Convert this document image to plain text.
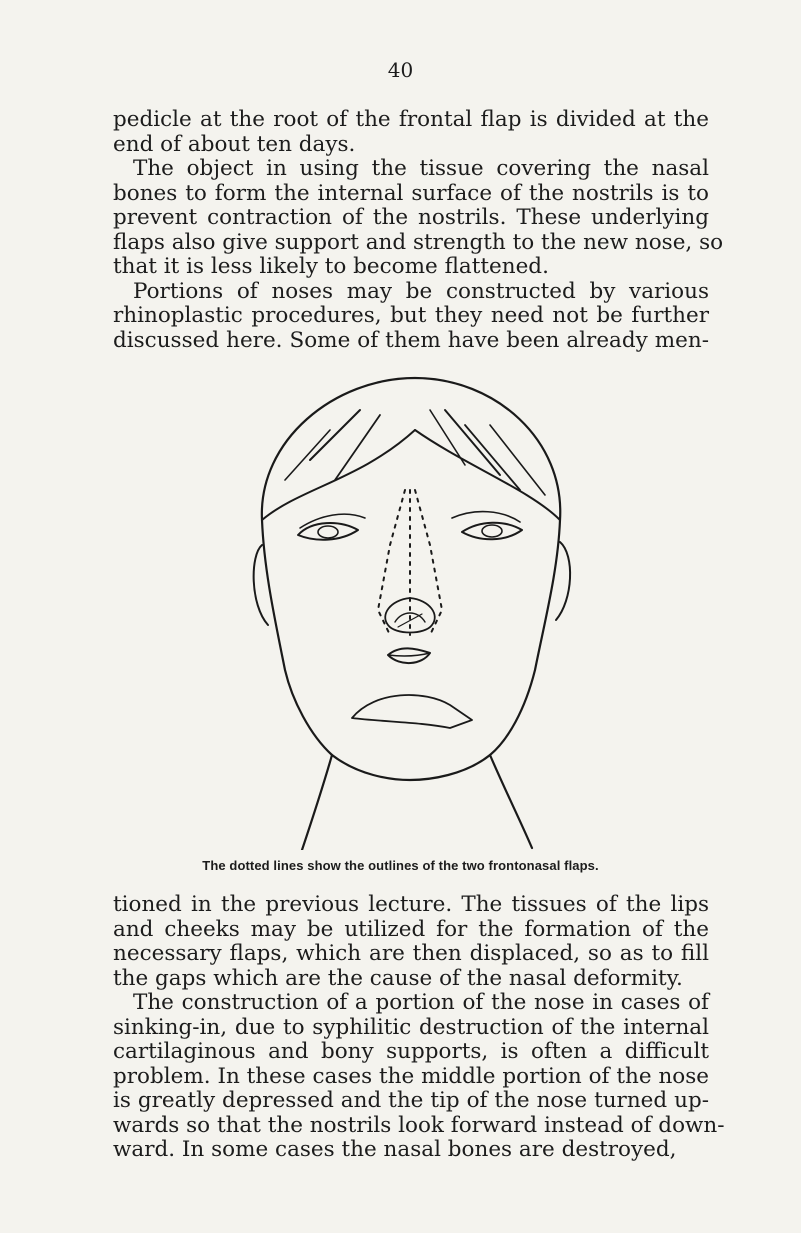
40
pedicle at the root of the frontal flap is divided at the
end of about ten days.
The object in using the tissue covering the nasal
bones to form the internal surface of the nostrils is to
prevent contraction of the nostrils. These underlying
flaps also give support and strength to the new nose, so
that it is less likely to become flattened.
Portions of noses may be constructed by various
rhinoplastic procedures, but they need not be further
discussed here. Some of them have been already men-
The dotted lines show the outlines of the two frontonasal flaps.
tioned in the previous lecture. The tissues of the lips
and cheeks may be utilized for the formation of the
necessary flaps, which are then displaced, so as to fill
the gaps which are the cause of the nasal deformity.
The construction of a portion of the nose in cases of
sinking-in, due to syphilitic destruction of the internal
cartilaginous and bony supports, is often a difficult
problem. In these cases the middle portion of the nose
is greatly depressed and the tip of the nose turned up-
wards so that the nostrils look forward instead of down-
ward. In some cases the nasal bones are destroyed,
